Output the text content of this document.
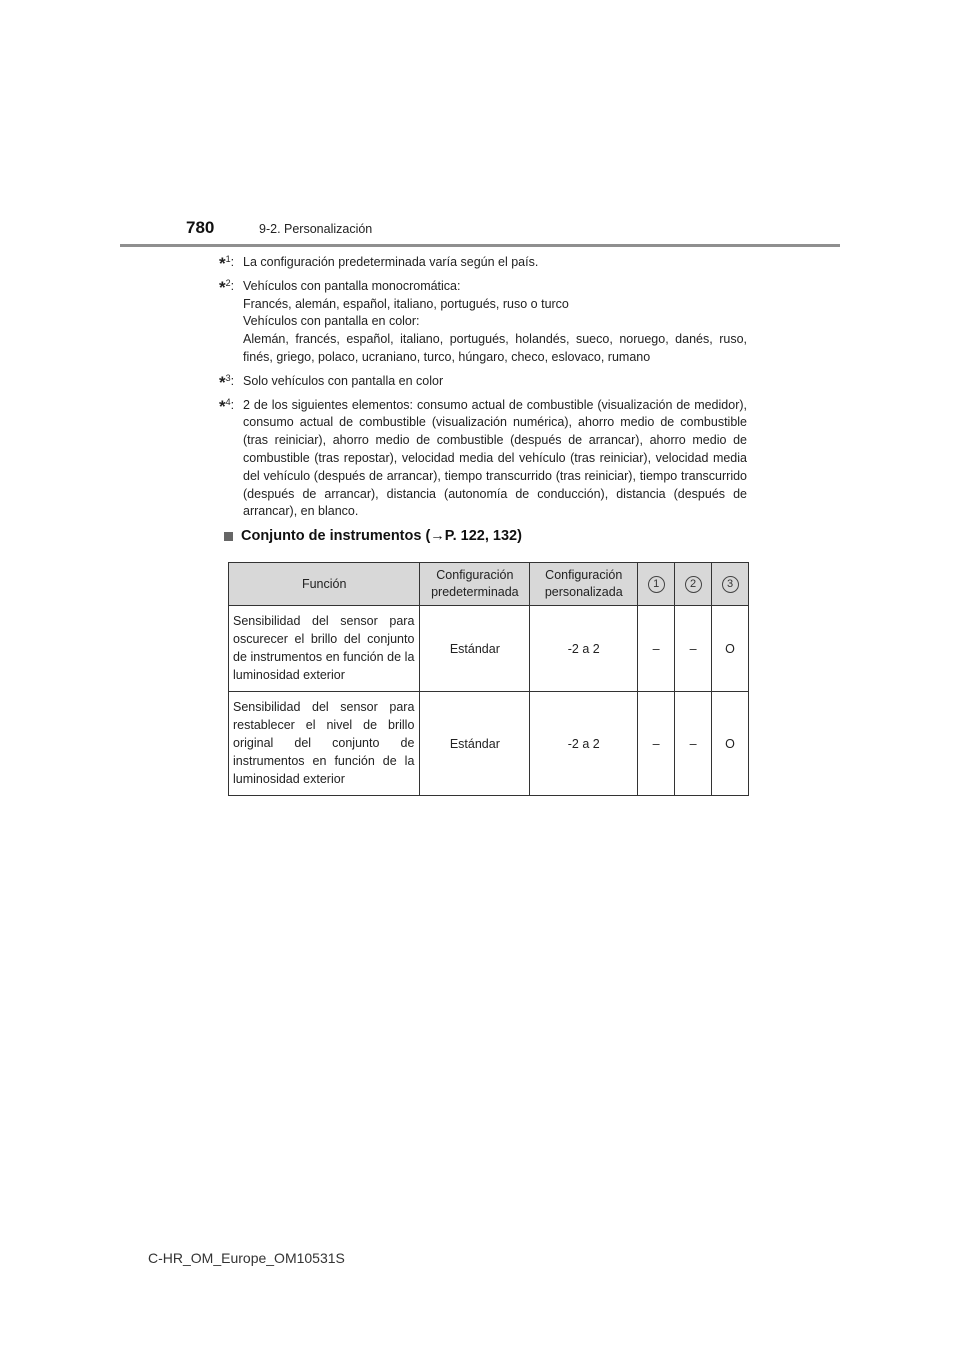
780	9-2. Personalización
*$^1$: La configuración predeterminada varía según el país.

*$^2$: Vehículos con pantalla monocromática:

Francés, alemán, español, italiano, portugués, ruso o turco

Vehículos con pantalla en color:

Alemán, francés, español, italiano, portugués, holandés, sueco, noruego, danés, ruso, finés, griego, polaco, ucraniano, turco, húngaro, checo, eslovaco, rumano

*$^3$: Solo vehículos con pantalla en color

*$^4$: 2 de los siguientes elementos: consumo actual de combustible (visualización de medidor), consumo actual de combustible (visualización numérica), ahorro medio de combustible (tras reiniciar), ahorro medio de combustible (después de arrancar), ahorro medio de combustible (tras repostar), velocidad media del vehículo (tras reiniciar), velocidad media del vehículo (después de arrancar), tiempo transcurrido (tras reiniciar), tiempo transcurrido (después de arrancar), distancia (autonomía de conducción), distancia (después de arrancar), en blanco.

Conjunto de instrumentos ( → P. 122, 132)
Función	Configuración predeterminada	Configuración personalizada	1	2	3
Sensibilidad del sensor para oscurecer el brillo del conjunto de instrumentos en función de la luminosidad exterior	Estándar	-2 a 2	–	–	O
Sensibilidad del sensor para restablecer el nivel de brillo original del conjunto de instrumentos en función de la luminosidad exterior	Estándar	-2 a 2	–	–	O
C-HR_OM_Europe_OM10531S
